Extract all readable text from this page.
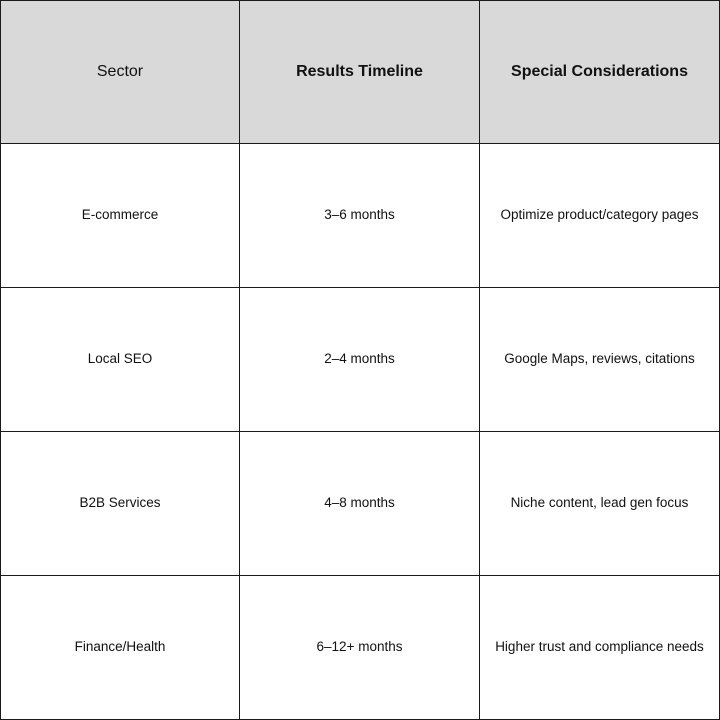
Sector	Results Timeline	Special Considerations
E-commerce	3–6 months	Optimize product/category pages
Local SEO	2–4 months	Google Maps, reviews, citations
B2B Services	4–8 months	Niche content, lead gen focus
Finance/Health	6–12+ months	Higher trust and compliance needs
